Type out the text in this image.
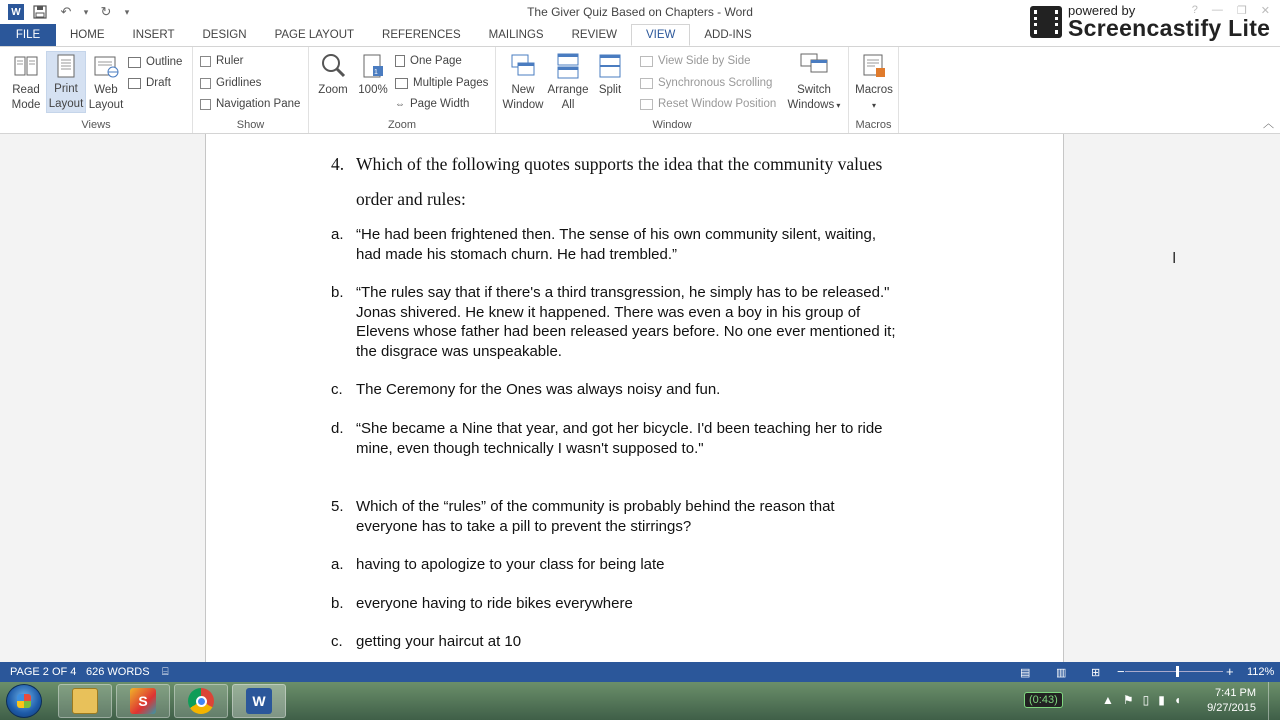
W	↶	▾ ↻	▾	The Giver Quiz Based on Chapters - Word	? — ❐ ✕
powered by
Screencastify Lite
FILE	HOME	INSERT	DESIGN	PAGE LAYOUT	REFERENCES	MAILINGS	REVIEW	VIEW	ADD-INS
Read
Mode
Print
Layout
Web
Layout
Outline
Draft
Views
Ruler
Gridlines
Navigation Pane
Show
Zoom
1
100%
One Page
Multiple Pages
⇔ Page Width
Zoom
New
Window
Arrange
All
Split
View Side by Side
Synchronous Scrolling
Reset Window Position
Switch
Windows ▾
Window
Macros
▾
Macros	︿
4. Which of the following quotes supports the idea that the community values
order and rules:
a. “He had been frightened then. The sense of his own community silent, waiting,
had made his stomach churn. He had trembled.”
b. “The rules say that if there's a third transgression, he simply has to be released."
Jonas shivered. He knew it happened. There was even a boy in his group of
Elevens whose father had been released years before. No one ever mentioned it;
the disgrace was unspeakable.
c. The Ceremony for the Ones was always noisy and fun.
d. “She became a Nine that year, and got her bicycle. I'd been teaching her to ride
mine, even though technically I wasn't supposed to."
5. Which of the “rules” of the community is probably behind the reason that
everyone has to take a pill to prevent the stirrings?
a. having to apologize to your class for being late
b. everyone having to ride bikes everywhere
c. getting your haircut at 10
Ι
PAGE 2 OF 4 626 WORDS ⌸	▤ ▥ ⊞ −	+ 112%
S	W	(0:43)	▲ ⚑ ▯ ▮ ◖	7:41 PM
9/27/2015
